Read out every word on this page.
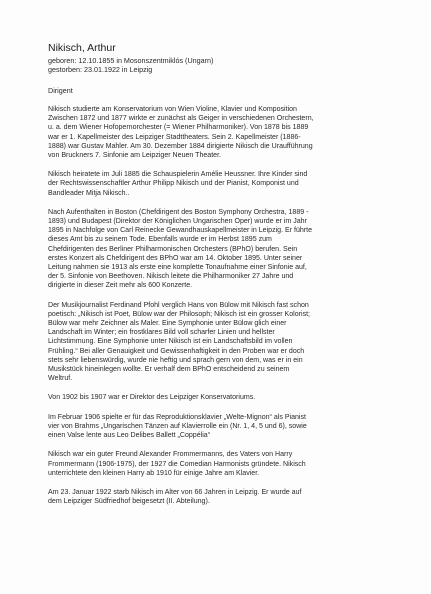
Nikisch, Arthur

geboren: 12.10.1855 in Mosonszentmiklós (Ungarn)

gestorben: 23.01.1922 in Leipzig

Dirigent

Nikisch studierte am Konservatorium von Wien Violine, Klavier und Komposition
Zwischen 1872 und 1877 wirkte er zunächst als Geiger in verschiedenen Orchestern,
u. a. dem Wiener Hofopernorchester (= Wiener Philharmoniker). Von 1878 bis 1889
war er 1. Kapellmeister des Leipziger Stadttheaters. Sein 2. Kapellmeister (1886-
1888) war Gustav Mahler. Am 30. Dezember 1884 dirigierte Nikisch die Uraufführung
von Bruckners 7. Sinfonie am Leipziger Neuen Theater.

Nikisch heiratete im Juli 1885 die Schauspielerin Amélie Heussner. Ihre Kinder sind
der Rechtswissenschaftler Arthur Philipp Nikisch und der Pianist, Komponist und
Bandleader Mitja Nikisch..

Nach Aufenthalten in Boston (Chefdirigent des Boston Symphony Orchestra, 1889 -
1893) und Budapest (Direktor der Königlichen Ungarischen Oper) wurde er im Jahr
1895 in Nachfolge von Carl Reinecke Gewandhauskapellmeister in Leipzig. Er führte
dieses Amt bis zu seinem Tode. Ebenfalls wurde er im Herbst 1895 zum
Chefdirigenten des Berliner Philharmonischen Orchesters (BPhO) berufen. Sein
erstes Konzert als Chefdirigent des BPhO war am 14. Oktober 1895. Unter seiner
Leitung nahmen sie 1913 als erste eine komplette Tonaufnahme einer Sinfonie auf,
der 5. Sinfonie von Beethoven. Nikisch leitete die Philharmoniker 27 Jahre und
dirigierte in dieser Zeit mehr als 600 Konzerte.

Der Musikjournalist Ferdinand Pfohl verglich Hans von Bülow mit Nikisch fast schon
poetisch: „Nikisch ist Poet, Bülow war der Philosoph; Nikisch ist ein grosser Kolorist;
Bülow war mehr Zeichner als Maler. Eine Symphonie unter Bülow glich einer
Landschaft im Winter; ein frostklares Bild voll scharfer Linien und hellster
Lichtstimmung. Eine Symphonie unter Nikisch ist ein Landschaftsbild im vollen
Frühling.“ Bei aller Genauigkeit und Gewissenhaftigkeit in den Proben war er doch
stets sehr liebenswürdig, wurde nie heftig und sprach gern von dem, was er in ein
Musikstück hineinlegen wollte. Er verhalf dem BPhO entscheidend zu seinem
Weltruf.

Von 1902 bis 1907 war er Direktor des Leipziger Konservatoriums.

Im Februar 1906 spielte er für das Reproduktionsklavier „Welte-Mignon“ als Pianist
vier von Brahms „Ungarischen Tänzen auf Klavierrolle ein (Nr. 1, 4, 5 und 6), sowie
einen Valse lente aus Leo Delibes Ballett „Coppélia“

Nikisch war ein guter Freund Alexander Frommermanns, des Vaters von Harry
Frommermann (1906-1975), der 1927 die Comedian Harmonists gründete. Nikisch
unterrichtete den kleinen Harry ab 1910 für einige Jahre am Klavier.

Am 23. Januar 1922 starb Nikisch im Alter von 66 Jahren in Leipzig. Er wurde auf
dem Leipziger Südfriedhof beigesetzt (II. Abteilung).
